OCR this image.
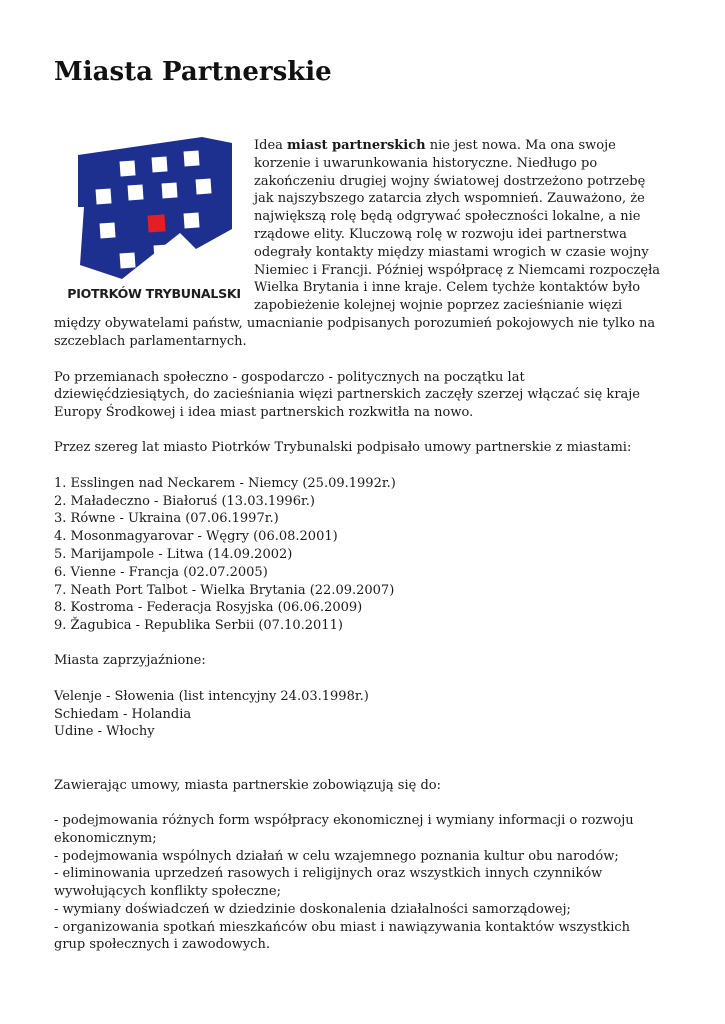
Miasta Partnerskie
PIOTRKÓW TRYBUNALSKI

Idea miast partnerskich nie jest nowa. Ma ona swoje korzenie i uwarunkowania historyczne. Niedługo po zakończeniu drugiej wojny światowej dostrzeżono potrzebę jak najszybszego zatarcia złych wspomnień. Zauważono, że największą rolę będą odgrywać społeczności lokalne, a nie rządowe elity. Kluczową rolę w rozwoju idei partnerstwa odegrały kontakty między miastami wrogich w czasie wojny Niemiec i Francji. Później współpracę z Niemcami rozpoczęła Wielka Brytania i inne kraje. Celem tychże kontaktów było zapobieżenie kolejnej wojnie poprzez zacieśnianie więzi między obywatelami państw, umacnianie podpisanych porozumień pokojowych nie tylko na szczeblach parlamentarnych.

Po przemianach społeczno - gospodarczo - politycznych na początku lat dziewięćdziesiątych, do zacieśniania więzi partnerskich zaczęły szerzej włączać się kraje Europy Środkowej i idea miast partnerskich rozkwitła na nowo.

Przez szereg lat miasto Piotrków Trybunalski podpisało umowy partnerskie z miastami:

1. Esslingen nad Neckarem - Niemcy (25.09.1992r.)
2. Maładeczno - Białoruś (13.03.1996r.)
3. Równe - Ukraina (07.06.1997r.)
4. Mosonmagyarovar - Węgry (06.08.2001)
5. Marijampole - Litwa (14.09.2002)
6. Vienne - Francja (02.07.2005)
7. Neath Port Talbot - Wielka Brytania (22.09.2007)
8. Kostroma - Federacja Rosyjska (06.06.2009)
9. Žagubica - Republika Serbii (07.10.2011)

Miasta zaprzyjaźnione:

Velenje - Słowenia (list intencyjny 24.03.1998r.)
Schiedam - Holandia
Udine - Włochy

Zawierając umowy, miasta partnerskie zobowiązują się do:

- podejmowania różnych form współpracy ekonomicznej i wymiany informacji o rozwoju ekonomicznym;
- podejmowania wspólnych działań w celu wzajemnego poznania kultur obu narodów;
- eliminowania uprzedzeń rasowych i religijnych oraz wszystkich innych czynników wywołujących konflikty społeczne;
- wymiany doświadczeń w dziedzinie doskonalenia działalności samorządowej;
- organizowania spotkań mieszkańców obu miast i nawiązywania kontaktów wszystkich grup społecznych i zawodowych.
